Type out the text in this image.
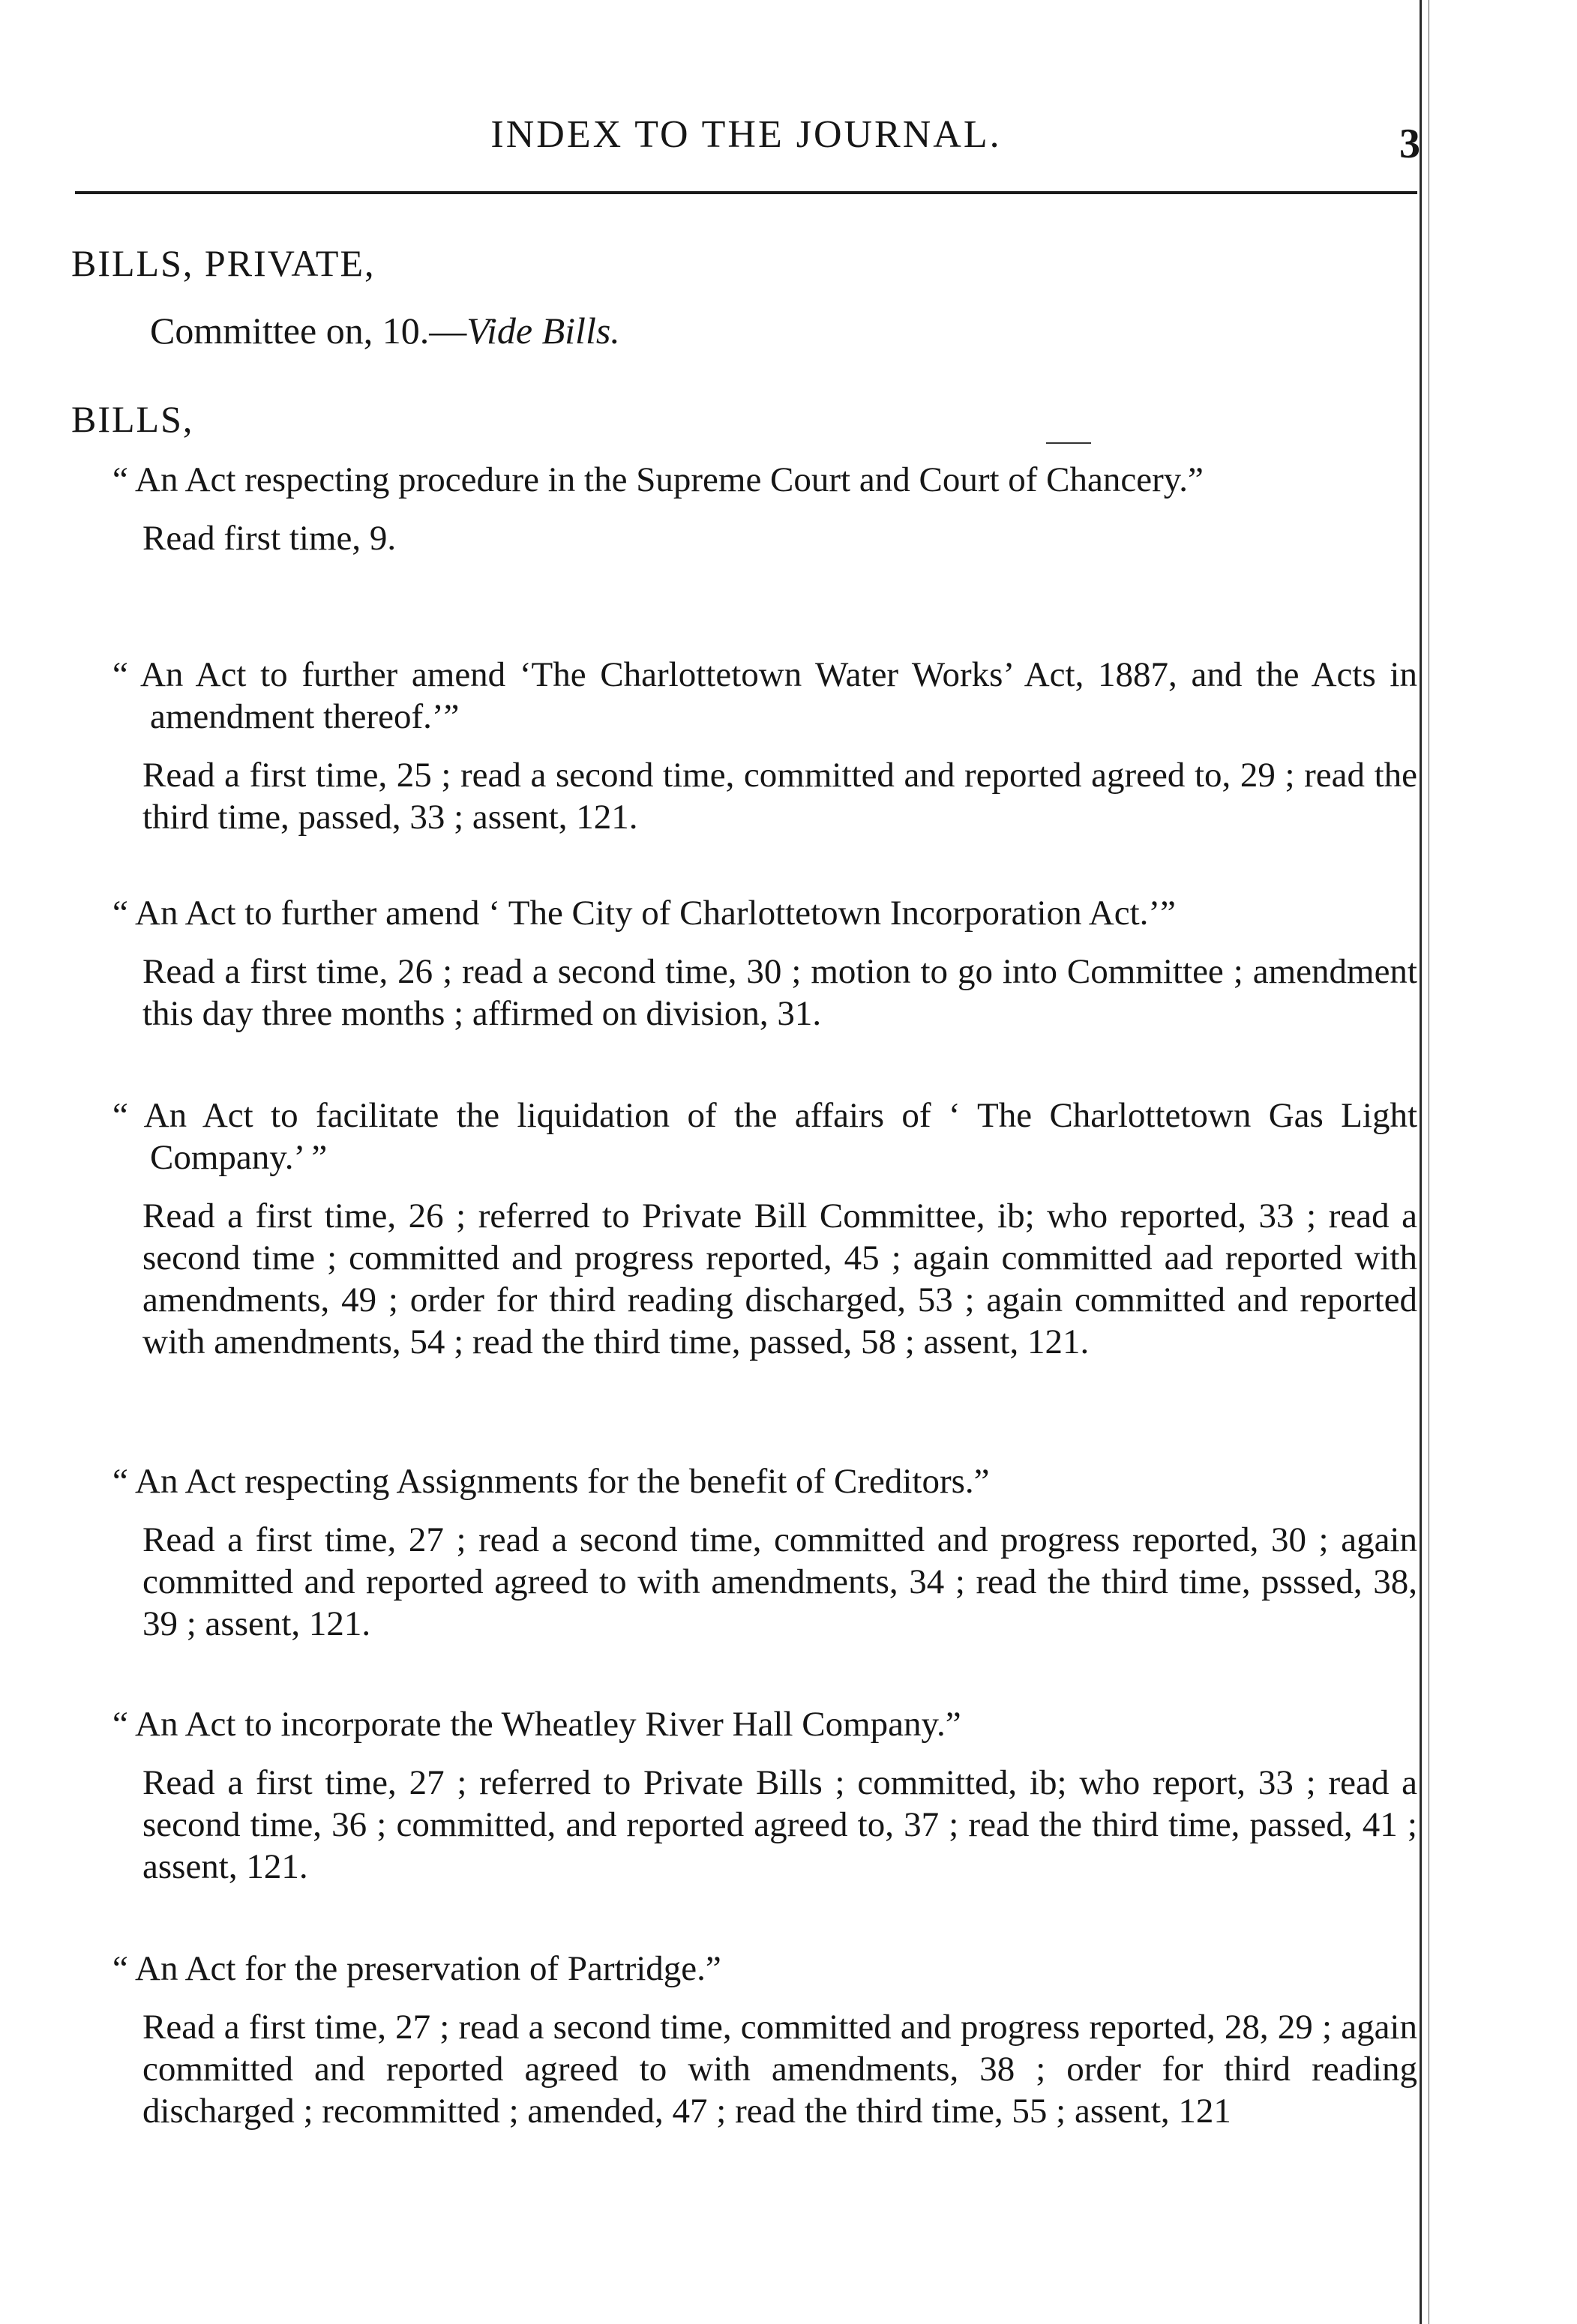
INDEX TO THE JOURNAL.	3
BILLS, PRIVATE,
Committee on, 10.—Vide Bills.
BILLS,
“ An Act respecting procedure in the Supreme Court and Court of Chancery.”
Read first time, 9.
“ An Act to further amend ‘The Charlottetown Water Works’ Act, 1887, and the Acts in amendment thereof.’”
Read a first time, 25 ; read a second time, committed and reported agreed to, 29 ; read the third time, passed, 33 ; assent, 121.
“ An Act to further amend ‘ The City of Charlottetown Incorporation Act.’”
Read a first time, 26 ; read a second time, 30 ; motion to go into Committee ; amendment this day three months ; affirmed on division, 31.
“ An Act to facilitate the liquidation of the affairs of ‘ The Charlottetown Gas Light Company.’ ”
Read a first time, 26 ; referred to Private Bill Committee, ib; who reported, 33 ; read a second time ; committed and progress reported, 45 ; again committed aad reported with amendments, 49 ; order for third reading discharged, 53 ; again committed and reported with amendments, 54 ; read the third time, passed, 58 ; assent, 121.
“ An Act respecting Assignments for the benefit of Creditors.”
Read a first time, 27 ; read a second time, committed and progress reported, 30 ; again committed and reported agreed to with amendments, 34 ; read the third time, psssed, 38, 39 ; assent, 121.
“ An Act to incorporate the Wheatley River Hall Company.”
Read a first time, 27 ; referred to Private Bills ; committed, ib; who report, 33 ; read a second time, 36 ; committed, and reported agreed to, 37 ; read the third time, passed, 41 ; assent, 121.
“ An Act for the preservation of Partridge.”
Read a first time, 27 ; read a second time, committed and progress reported, 28, 29 ; again committed and reported agreed to with amendments, 38 ; order for third reading discharged ; recommitted ; amended, 47 ; read the third time, 55 ; assent, 121
